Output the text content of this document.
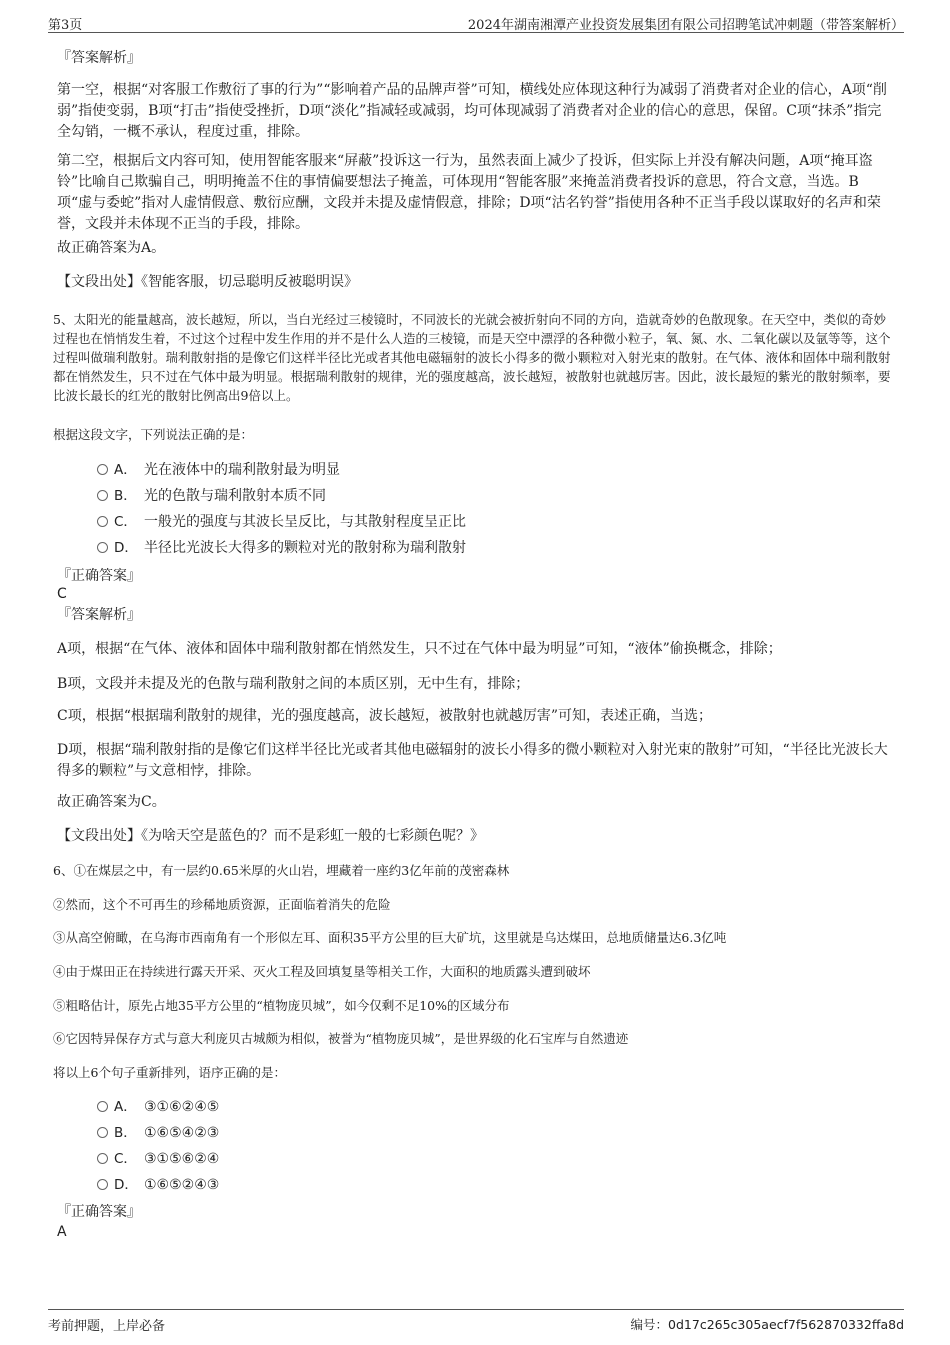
第3页	2024年湖南湘潭产业投资发展集团有限公司招聘笔试冲刺题（带答案解析）
『答案解析』
第一空，根据“对客服工作敷衍了事的行为”“影响着产品的品牌声誉”可知，横线处应体现这种行为减弱了消费者对企业的信心，A项“削弱”指使变弱，B项“打击”指使受挫折，D项“淡化”指减轻或减弱，均可体现减弱了消费者对企业的信心的意思，保留。C项“抹杀”指完全勾销，一概不承认，程度过重，排除。
第二空，根据后文内容可知，使用智能客服来“屏蔽”投诉这一行为，虽然表面上减少了投诉，但实际上并没有解决问题，A项“掩耳盗铃”比喻自己欺骗自己，明明掩盖不住的事情偏要想法子掩盖，可体现用“智能客服”来掩盖消费者投诉的意思，符合文意，当选。B项“虚与委蛇”指对人虚情假意、敷衍应酬，文段并未提及虚情假意，排除；D项“沽名钓誉”指使用各种不正当手段以谋取好的名声和荣誉，文段并未体现不正当的手段，排除。
故正确答案为A。
【文段出处】《智能客服，切忌聪明反被聪明误》
5、太阳光的能量越高，波长越短，所以，当白光经过三棱镜时，不同波长的光就会被折射向不同的方向，造就奇妙的色散现象。在天空中，类似的奇妙过程也在悄悄发生着，不过这个过程中发生作用的并不是什么人造的三棱镜，而是天空中漂浮的各种微小粒子，氧、氮、水、二氧化碳以及氩等等，这个过程叫做瑞利散射。瑞利散射指的是像它们这样半径比光或者其他电磁辐射的波长小得多的微小颗粒对入射光束的散射。在气体、液体和固体中瑞利散射都在悄然发生，只不过在气体中最为明显。根据瑞利散射的规律，光的强度越高，波长越短，被散射也就越厉害。因此，波长最短的紫光的散射频率，要比波长最长的红光的散射比例高出9倍以上。
根据这段文字，下列说法正确的是：
A． 光在液体中的瑞利散射最为明显
B． 光的色散与瑞利散射本质不同
C． 一般光的强度与其波长呈反比，与其散射程度呈正比
D． 半径比光波长大得多的颗粒对光的散射称为瑞利散射
『正确答案』
C
『答案解析』
A项，根据“在气体、液体和固体中瑞利散射都在悄然发生，只不过在气体中最为明显”可知，“液体”偷换概念，排除；
B项，文段并未提及光的色散与瑞利散射之间的本质区别，无中生有，排除；
C项，根据“根据瑞利散射的规律，光的强度越高，波长越短，被散射也就越厉害”可知，表述正确，当选；
D项，根据“瑞利散射指的是像它们这样半径比光或者其他电磁辐射的波长小得多的微小颗粒对入射光束的散射”可知，“半径比光波长大得多的颗粒”与文意相悖，排除。
故正确答案为C。
【文段出处】《为啥天空是蓝色的？而不是彩虹一般的七彩颜色呢？》
6、①在煤层之中，有一层约0.65米厚的火山岩，埋藏着一座约3亿年前的茂密森林
②然而，这个不可再生的珍稀地质资源，正面临着消失的危险
③从高空俯瞰，在乌海市西南角有一个形似左耳、面积35平方公里的巨大矿坑，这里就是乌达煤田，总地质储量达6.3亿吨
④由于煤田正在持续进行露天开采、灭火工程及回填复垦等相关工作，大面积的地质露头遭到破坏
⑤粗略估计，原先占地35平方公里的“植物庞贝城”，如今仅剩不足10%的区域分布
⑥它因特异保存方式与意大利庞贝古城颇为相似，被誉为“植物庞贝城”，是世界级的化石宝库与自然遗迹
将以上6个句子重新排列，语序正确的是：
A． ③①⑥②④⑤
B． ①⑥⑤④②③
C． ③①⑤⑥②④
D． ①⑥⑤②④③
『正确答案』
A
考前押题，上岸必备	编号：0d17c265c305aecf7f562870332ffa8d
